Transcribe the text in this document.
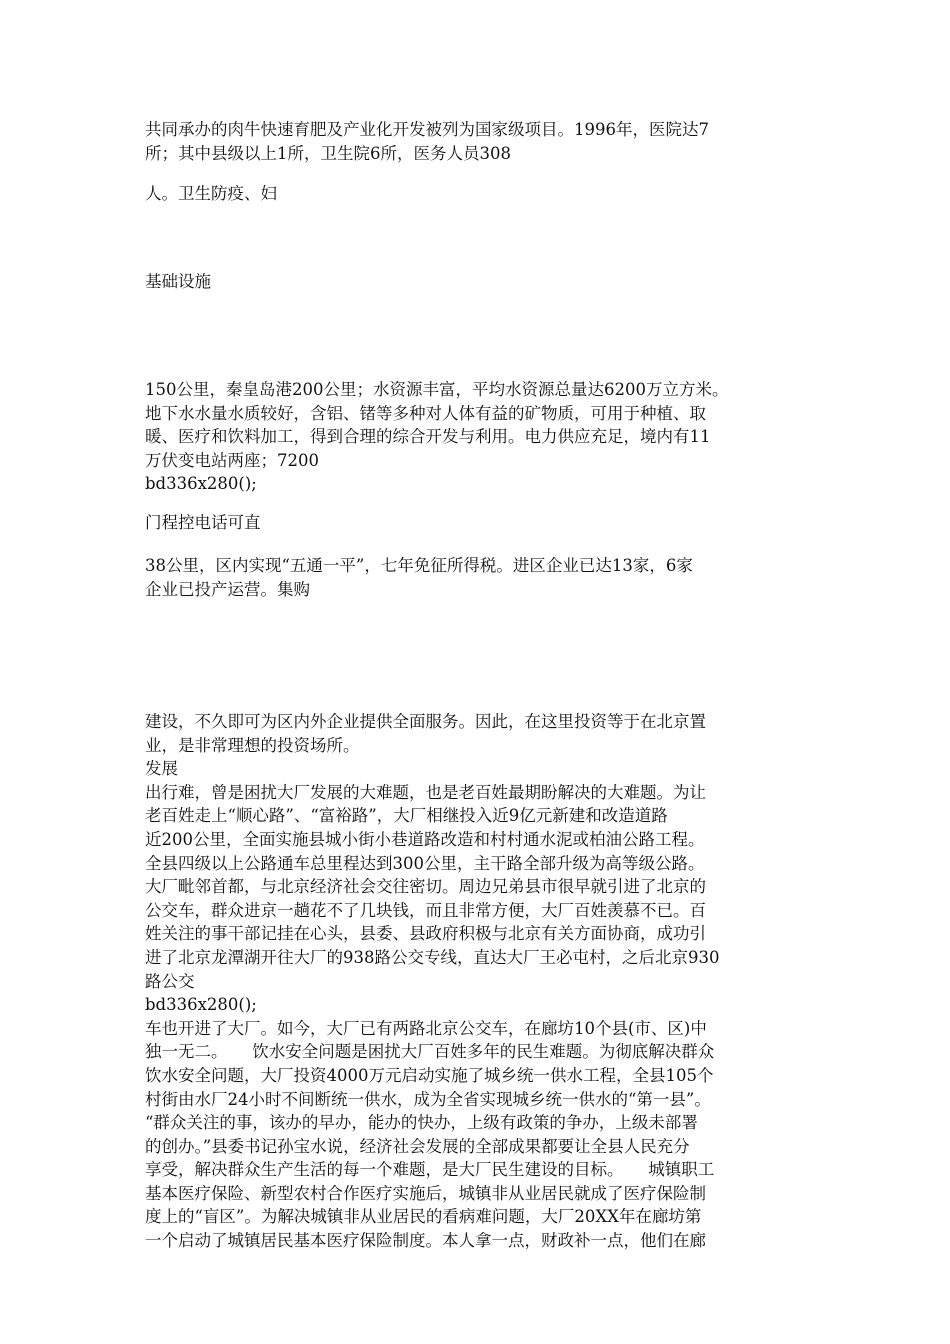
共同承办的肉牛快速育肥及产业化开发被列为国家级项目。1996年，医院达7

所；其中县级以上1所，卫生院6所，医务人员308

人。卫生防疫、妇

基础设施

150公里，秦皇岛港200公里；水资源丰富，平均水资源总量达6200万立方米。

地下水水量水质较好，含铝、锗等多种对人体有益的矿物质，可用于种植、取

暖、医疗和饮料加工，得到合理的综合开发与利用。电力供应充足，境内有11

万伏变电站两座；7200

bd336x280();

门程控电话可直

38公里，区内实现“五通一平”，七年免征所得税。进区企业已达13家，6家

企业已投产运营。集购

建设，不久即可为区内外企业提供全面服务。因此，在这里投资等于在北京置

业，是非常理想的投资场所。

发展

出行难，曾是困扰大厂发展的大难题，也是老百姓最期盼解决的大难题。为让

老百姓走上“顺心路”、“富裕路”，大厂相继投入近9亿元新建和改造道路

近200公里，全面实施县城小街小巷道路改造和村村通水泥或柏油公路工程。

全县四级以上公路通车总里程达到300公里，主干路全部升级为高等级公路。

大厂毗邻首都，与北京经济社会交往密切。周边兄弟县市很早就引进了北京的

公交车，群众进京一趟花不了几块钱，而且非常方便，大厂百姓羡慕不已。百

姓关注的事干部记挂在心头，县委、县政府积极与北京有关方面协商，成功引

进了北京龙潭湖开往大厂的938路公交专线，直达大厂王必屯村，之后北京930

路公交

bd336x280();

车也开进了大厂。如今，大厂已有两路北京公交车，在廊坊10个县(市、区)中

独一无二。　　饮水安全问题是困扰大厂百姓多年的民生难题。为彻底解决群众

饮水安全问题，大厂投资4000万元启动实施了城乡统一供水工程，全县105个

村街由水厂24小时不间断统一供水，成为全省实现城乡统一供水的“第一县”。

“群众关注的事，该办的早办，能办的快办，上级有政策的争办，上级未部署

的创办。”县委书记孙宝水说，经济社会发展的全部成果都要让全县人民充分

享受，解决群众生产生活的每一个难题，是大厂民生建设的目标。　　城镇职工

基本医疗保险、新型农村合作医疗实施后，城镇非从业居民就成了医疗保险制

度上的“盲区”。为解决城镇非从业居民的看病难问题，大厂20XX年在廊坊第

一个启动了城镇居民基本医疗保险制度。本人拿一点，财政补一点，他们在廊
